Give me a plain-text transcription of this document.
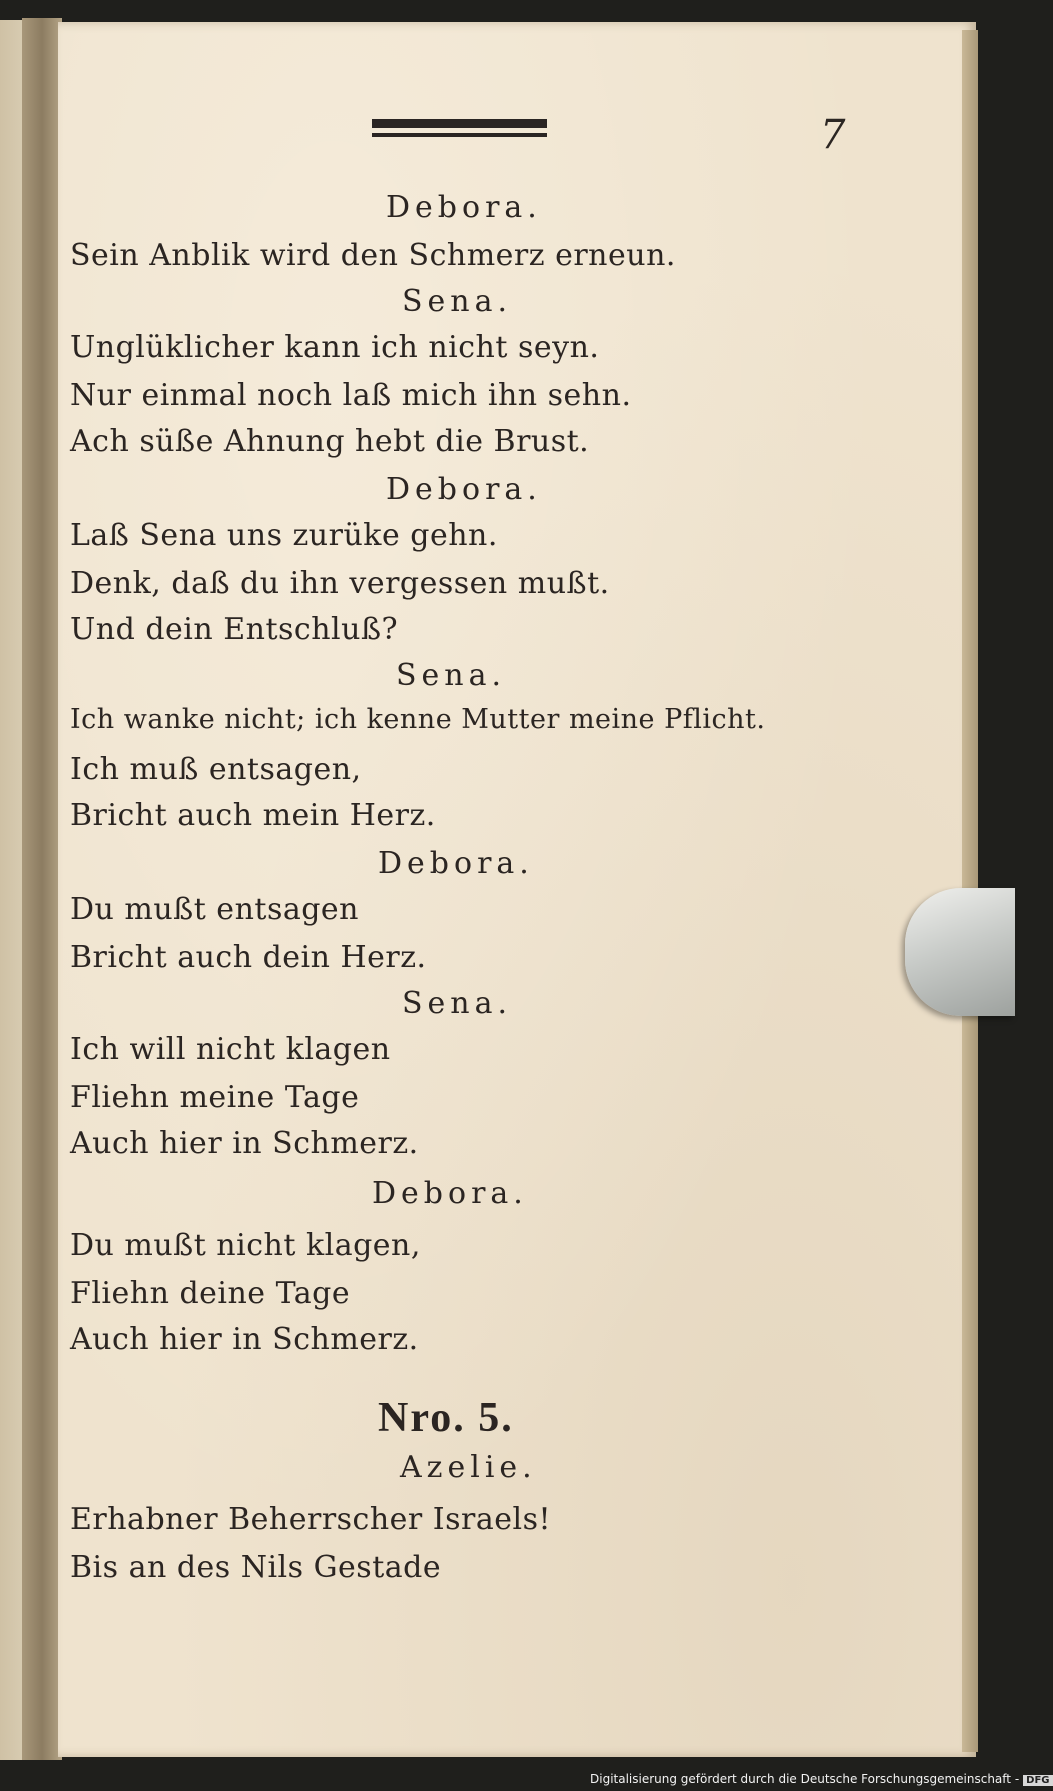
7
Debora.
Sein Anblik wird den Schmerz erneun.
Sena.
Unglüklicher kann ich nicht seyn.
Nur einmal noch laß mich ihn sehn.
Ach süße Ahnung hebt die Brust.
Debora.
Laß Sena uns zurüke gehn.
Denk, daß du ihn vergessen mußt.
Und dein Entschluß?
Sena.
Ich wanke nicht; ich kenne Mutter meine Pflicht.
Ich muß entsagen,
Bricht auch mein Herz.
Debora.
Du mußt entsagen
Bricht auch dein Herz.
Sena.
Ich will nicht klagen
Fliehn meine Tage
Auch hier in Schmerz.
Debora.
Du mußt nicht klagen,
Fliehn deine Tage
Auch hier in Schmerz.
Nro. 5.
Azelie.
Erhabner Beherrscher Israels!
Bis an des Nils Gestade
Digitalisierung gefördert durch die Deutsche Forschungsgemeinschaft - DFG
